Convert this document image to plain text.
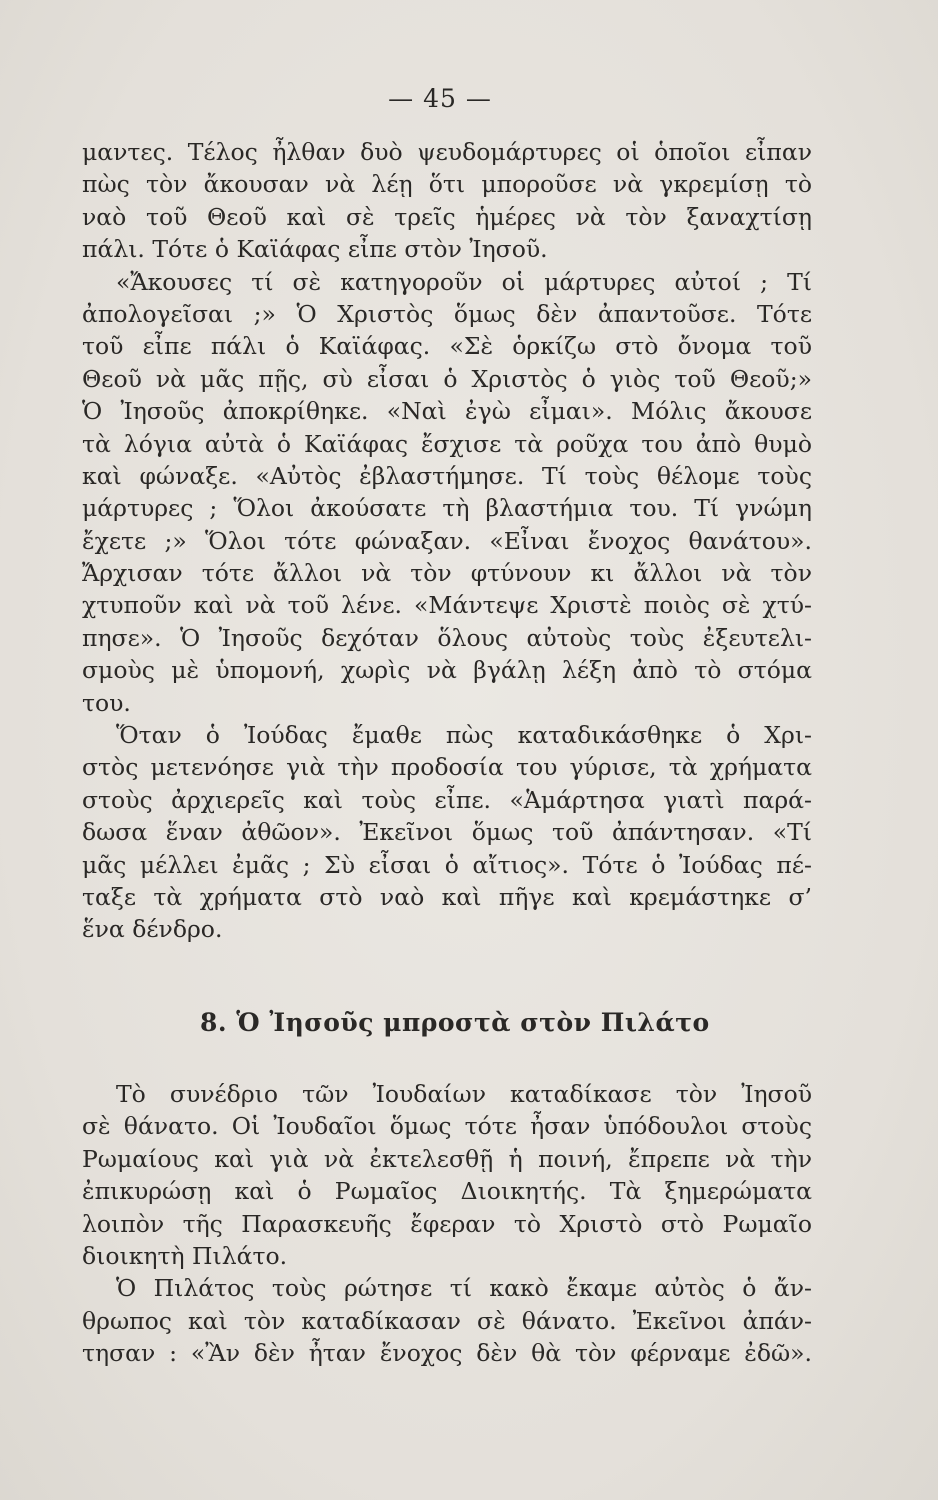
— 45 —
μαντες. Τέλος ἦλθαν δυὸ ψευδομάρτυρες οἱ ὁποῖοι εἶπαν
πὼς τὸν ἄκουσαν νὰ λέῃ ὅτι μποροῦσε νὰ γκρεμίσῃ τὸ
ναὸ τοῦ Θεοῦ καὶ σὲ τρεῖς ἡμέρες νὰ τὸν ξαναχτίσῃ
πάλι. Τότε ὁ Καϊάφας εἶπε στὸν Ἰησοῦ.
«Ἄκουσες τί σὲ κατηγοροῦν οἱ μάρτυρες αὐτοί ; Τί
ἀπολογεῖσαι ;» Ὁ Χριστὸς ὅμως δὲν ἀπαντοῦσε. Τότε
τοῦ εἶπε πάλι ὁ Καϊάφας. «Σὲ ὁρκίζω στὸ ὄνομα τοῦ
Θεοῦ νὰ μᾶς πῇς, σὺ εἶσαι ὁ Χριστὸς ὁ γιὸς τοῦ Θεοῦ;»
Ὁ Ἰησοῦς ἀποκρίθηκε. «Ναὶ ἐγὼ εἶμαι». Μόλις ἄκουσε
τὰ λόγια αὐτὰ ὁ Καϊάφας ἔσχισε τὰ ροῦχα του ἀπὸ θυμὸ
καὶ φώναξε. «Αὐτὸς ἐβλαστήμησε. Τί τοὺς θέλομε τοὺς
μάρτυρες ; Ὅλοι ἀκούσατε τὴ βλαστήμια του. Τί γνώμη
ἔχετε ;» Ὅλοι τότε φώναξαν. «Εἶναι ἔνοχος θανάτου».
Ἄρχισαν τότε ἄλλοι νὰ τὸν φτύνουν κι ἄλλοι νὰ τὸν
χτυποῦν καὶ νὰ τοῦ λένε. «Μάντεψε Χριστὲ ποιὸς σὲ χτύ-
πησε». Ὁ Ἰησοῦς δεχόταν ὅλους αὐτοὺς τοὺς ἐξευτελι-
σμοὺς μὲ ὑπομονή, χωρὶς νὰ βγάλῃ λέξη ἀπὸ τὸ στόμα
του.
Ὅταν ὁ Ἰούδας ἔμαθε πὼς καταδικάσθηκε ὁ Χρι-
στὸς μετενόησε γιὰ τὴν προδοσία του γύρισε, τὰ χρήματα
στοὺς ἀρχιερεῖς καὶ τοὺς εἶπε. «Ἁμάρτησα γιατὶ παρά-
δωσα ἕναν ἀθῶον». Ἐκεῖνοι ὅμως τοῦ ἀπάντησαν. «Τί
μᾶς μέλλει ἐμᾶς ; Σὺ εἶσαι ὁ αἴτιος». Τότε ὁ Ἰούδας πέ-
ταξε τὰ χρήματα στὸ ναὸ καὶ πῆγε καὶ κρεμάστηκε σ’
ἕνα δένδρο.
8. Ὁ Ἰησοῦς μπροστὰ στὸν Πιλάτο
Τὸ συνέδριο τῶν Ἰουδαίων καταδίκασε τὸν Ἰησοῦ
σὲ θάνατο. Οἱ Ἰουδαῖοι ὅμως τότε ἦσαν ὑπόδουλοι στοὺς
Ρωμαίους καὶ γιὰ νὰ ἐκτελεσθῇ ἡ ποινή, ἔπρεπε νὰ τὴν
ἐπικυρώσῃ καὶ ὁ Ρωμαῖος Διοικητής. Τὰ ξημερώματα
λοιπὸν τῆς Παρασκευῆς ἔφεραν τὸ Χριστὸ στὸ Ρωμαῖο
διοικητὴ Πιλάτο.
Ὁ Πιλάτος τοὺς ρώτησε τί κακὸ ἔκαμε αὐτὸς ὁ ἄν-
θρωπος καὶ τὸν καταδίκασαν σὲ θάνατο. Ἐκεῖνοι ἀπάν-
τησαν : «Ἂν δὲν ἦταν ἔνοχος δὲν θὰ τὸν φέρναμε ἐδῶ».
